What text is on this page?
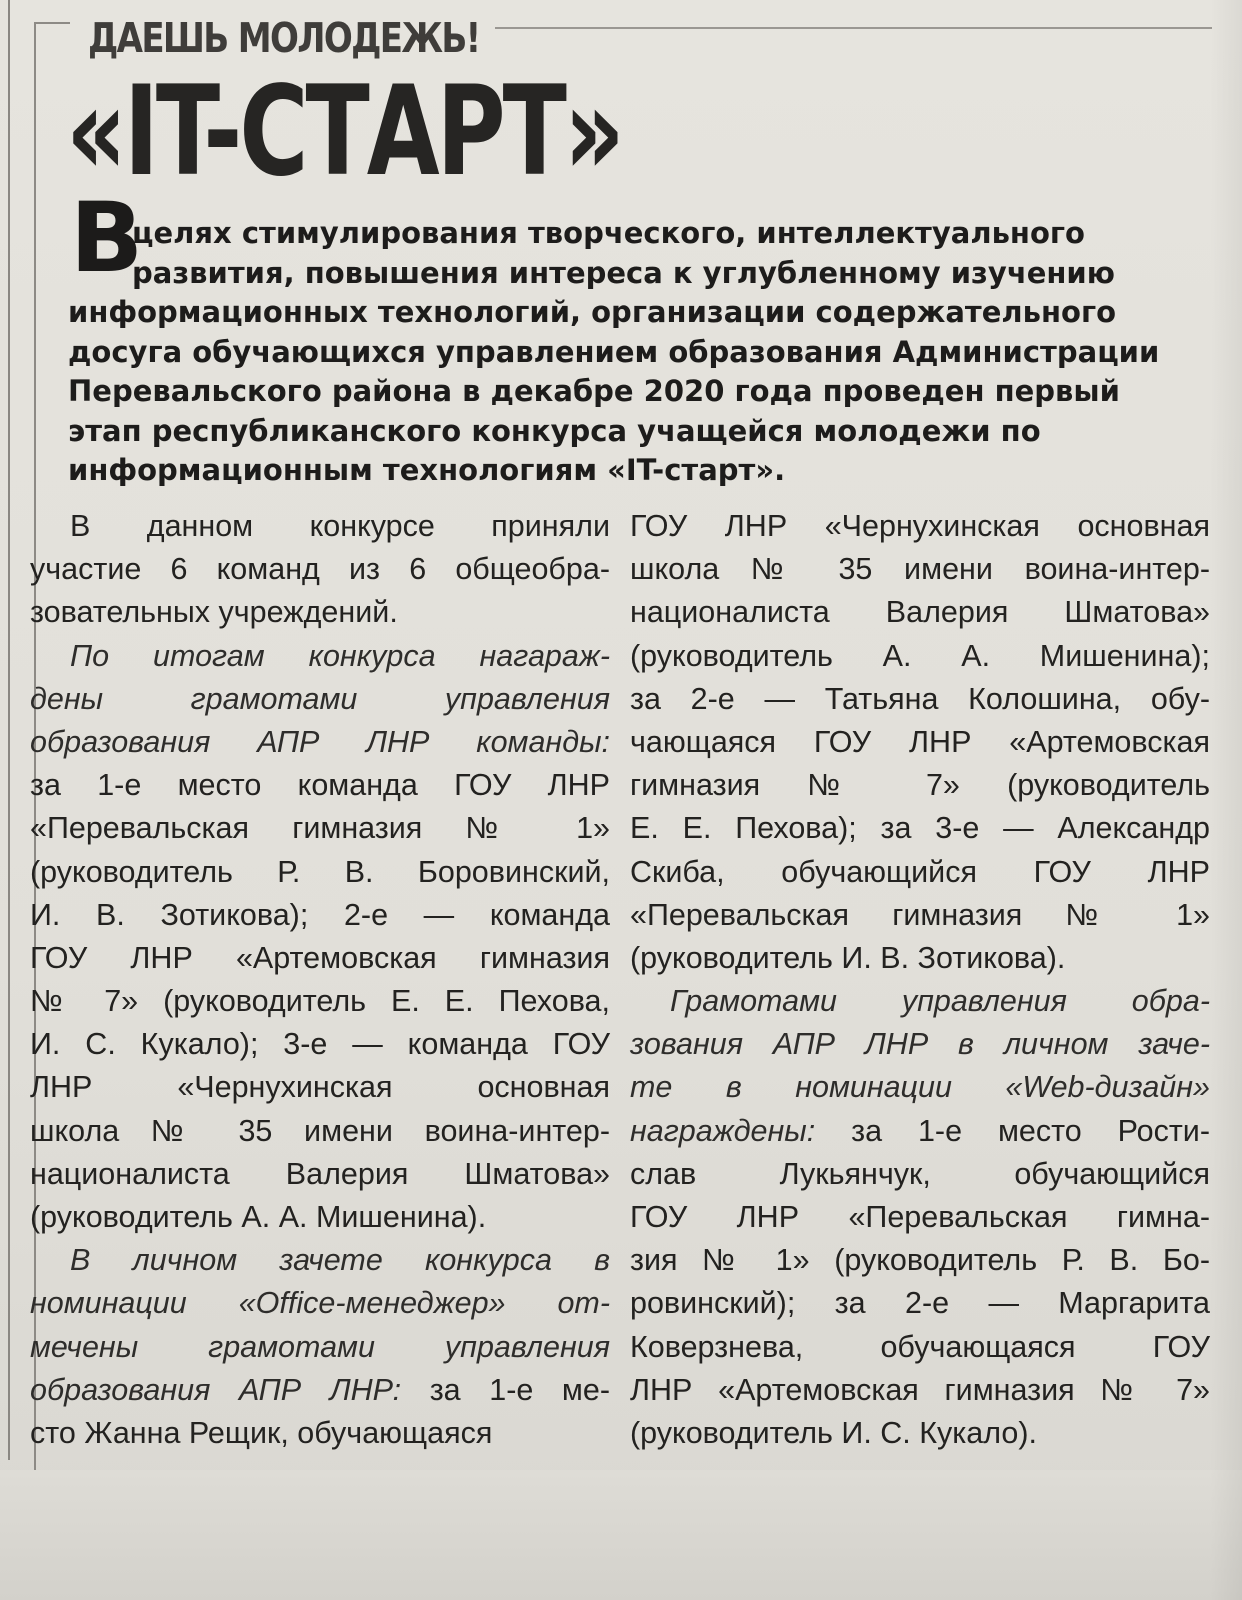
ДАЕШЬ МОЛОДЕЖЬ!
«IT-СТАРТ»
В
целях стимулирования творческого, интеллектуального
развития, повышения интереса к углубленному изучению
информационных технологий, организации содержательного
досуга обучающихся управлением образования Администрации
Перевальского района в декабре 2020 года проведен первый
этап республиканского конкурса учащейся молодежи по
информационным технологиям «IT-старт».
В данном конкурсе приняли
участие 6 команд из 6 общеобра-
зовательных учреждений.
По итогам конкурса нагараж-
дены грамотами управления
образования АПР ЛНР команды:
за 1-е место команда ГОУ ЛНР
«Перевальская гимназия № 1»
(руководитель Р. В. Боровинский,
И. В. Зотикова); 2-е — команда
ГОУ ЛНР «Артемовская гимназия
№ 7» (руководитель Е. Е. Пехова,
И. С. Кукало); 3-е — команда ГОУ
ЛНР «Чернухинская основная
школа № 35 имени воина-интер-
националиста Валерия Шматова»
(руководитель А. А. Мишенина).
В личном зачете конкурса в
номинации «Office-менеджер» от-
мечены грамотами управления
образования АПР ЛНР: за 1-е ме-
сто Жанна Рещик, обучающаяся
ГОУ ЛНР «Чернухинская основная
школа № 35 имени воина-интер-
националиста Валерия Шматова»
(руководитель А. А. Мишенина);
за 2-е — Татьяна Колошина, обу-
чающаяся ГОУ ЛНР «Артемовская
гимназия № 7» (руководитель
Е. Е. Пехова); за 3-е — Александр
Скиба, обучающийся ГОУ ЛНР
«Перевальская гимназия № 1»
(руководитель И. В. Зотикова).
Грамотами управления обра-
зования АПР ЛНР в личном заче-
те в номинации «Web-дизайн»
награждены: за 1-е место Рости-
слав Лукьянчук, обучающийся
ГОУ ЛНР «Перевальская гимна-
зия № 1» (руководитель Р. В. Бо-
ровинский); за 2-е — Маргарита
Коверзнева, обучающаяся ГОУ
ЛНР «Артемовская гимназия № 7»
(руководитель И. С. Кукало).
